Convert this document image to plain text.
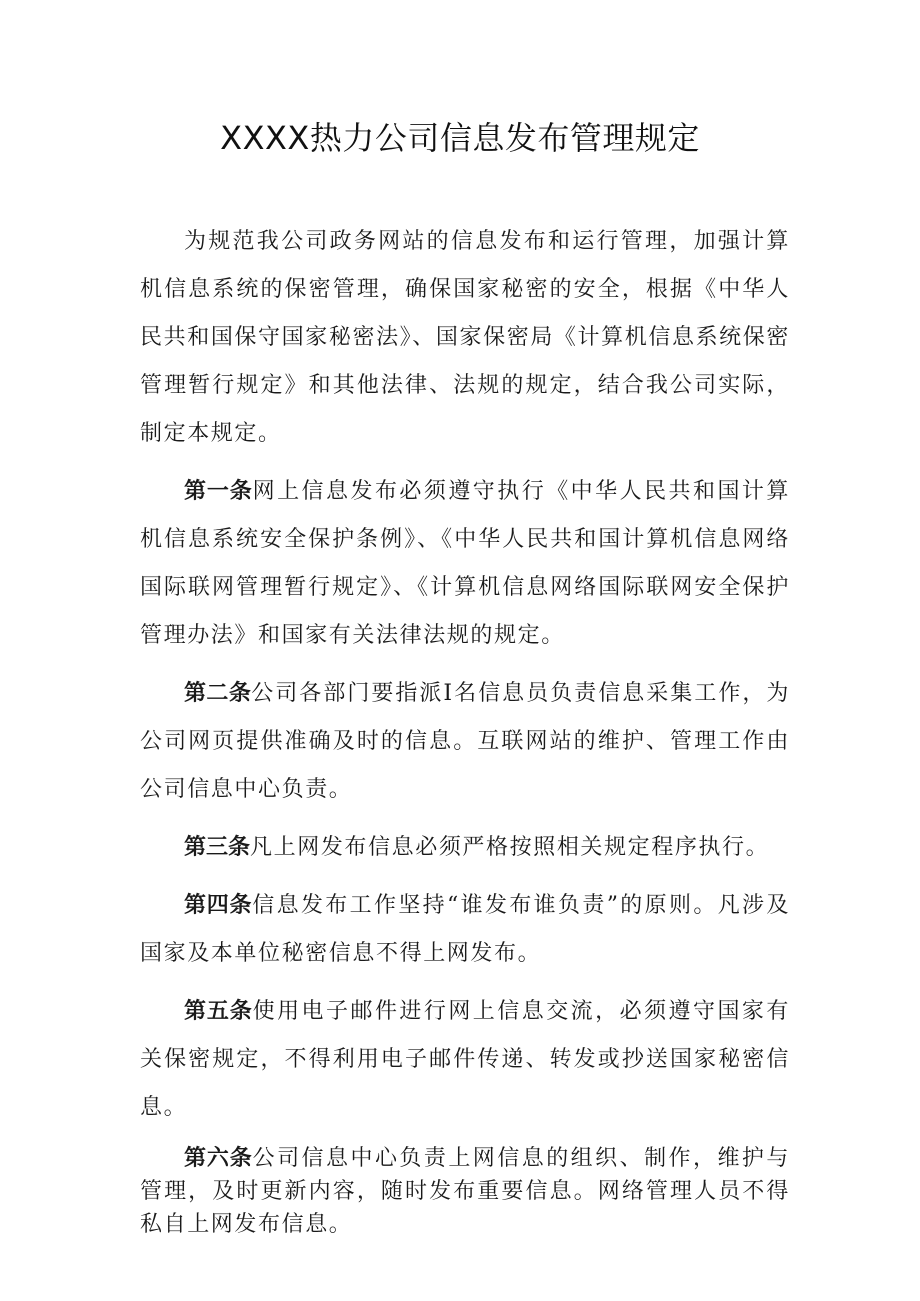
XXXX热力公司信息发布管理规定

为规范我公司政务网站的信息发布和运行管理，加强计算机信息系统的保密管理，确保国家秘密的安全，根据《中华人民共和国保守国家秘密法》、国家保密局《计算机信息系统保密管理暂行规定》和其他法律、法规的规定，结合我公司实际，制定本规定。

第一条网上信息发布必须遵守执行《中华人民共和国计算机信息系统安全保护条例》、《中华人民共和国计算机信息网络国际联网管理暂行规定》、《计算机信息网络国际联网安全保护管理办法》和国家有关法律法规的规定。

第二条公司各部门要指派Ⅰ名信息员负责信息采集工作，为公司网页提供准确及时的信息。互联网站的维护、管理工作由公司信息中心负责。

第三条凡上网发布信息必须严格按照相关规定程序执行。

第四条信息发布工作坚持“谁发布谁负责”的原则。凡涉及国家及本单位秘密信息不得上网发布。

第五条使用电子邮件进行网上信息交流，必须遵守国家有关保密规定，不得利用电子邮件传递、转发或抄送国家秘密信息。

第六条公司信息中心负责上网信息的组织、制作，维护与管理，及时更新内容，随时发布重要信息。网络管理人员不得私自上网发布信息。
